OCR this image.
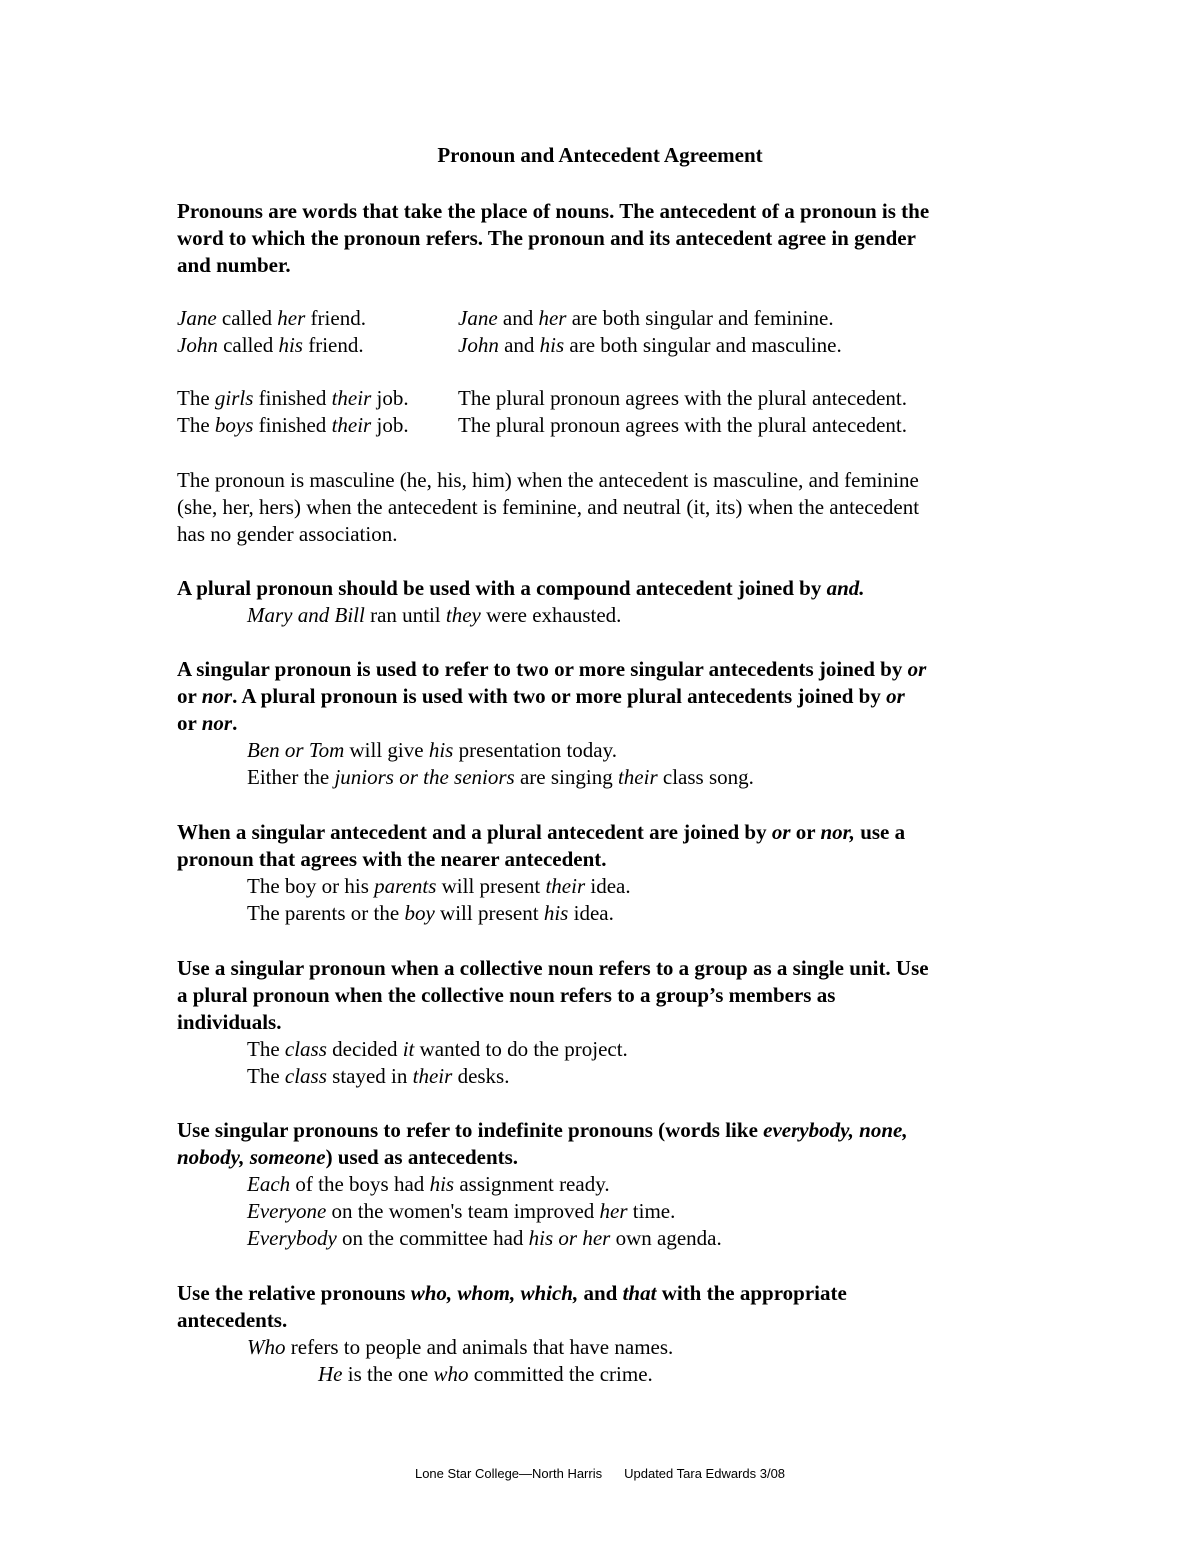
Pronoun and Antecedent Agreement
Pronouns are words that take the place of nouns. The antecedent of a pronoun is the
word to which the pronoun refers. The pronoun and its antecedent agree in gender
and number.
Jane called her friend.	Jane and her are both singular and feminine.
John called his friend.	John and his are both singular and masculine.
The girls finished their job.	The plural pronoun agrees with the plural antecedent.
The boys finished their job.	The plural pronoun agrees with the plural antecedent.
The pronoun is masculine (he, his, him) when the antecedent is masculine, and feminine
(she, her, hers) when the antecedent is feminine, and neutral (it, its) when the antecedent
has no gender association.
A plural pronoun should be used with a compound antecedent joined by and.
Mary and Bill ran until they were exhausted.
A singular pronoun is used to refer to two or more singular antecedents joined by or
or nor. A plural pronoun is used with two or more plural antecedents joined by or
or nor.
Ben or Tom will give his presentation today.
Either the juniors or the seniors are singing their class song.
When a singular antecedent and a plural antecedent are joined by or or nor, use a
pronoun that agrees with the nearer antecedent.
The boy or his parents will present their idea.
The parents or the boy will present his idea.
Use a singular pronoun when a collective noun refers to a group as a single unit. Use
a plural pronoun when the collective noun refers to a group’s members as
individuals.
The class decided it wanted to do the project.
The class stayed in their desks.
Use singular pronouns to refer to indefinite pronouns (words like everybody, none,
nobody, someone) used as antecedents.
Each of the boys had his assignment ready.
Everyone on the women's team improved her time.
Everybody on the committee had his or her own agenda.
Use the relative pronouns who, whom, which, and that with the appropriate
antecedents.
Who refers to people and animals that have names.
He is the one who committed the crime.
Lone Star College—North Harris Updated Tara Edwards 3/08
